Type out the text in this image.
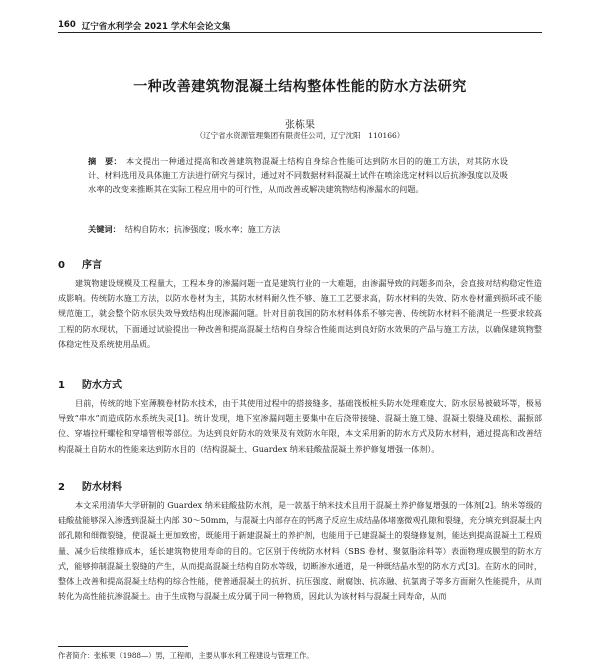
160 辽宁省水利学会 2021 学术年会论文集
一种改善建筑物混凝土结构整体性能的防水方法研究
张栋果
（辽宁省水资源管理集团有限责任公司，辽宁沈阳　110166）
摘　要： 本文提出一种通过提高和改善建筑物混凝土结构自身综合性能可达到防水目的的施工方法，对其防水设计、材料选用及具体施工方法进行研究与探讨，通过对不同数据材料混凝土试件在喷涂选定材料以后抗渗强度以及吸水率的改变来推断其在实际工程应用中的可行性，从而改善或解决建筑物结构渗漏水的问题。
关键词： 结构自防水；抗渗强度；吸水率；施工方法
0 序言
建筑物建设规模及工程量大，工程本身的渗漏问题一直是建筑行业的一大难题，由渗漏导致的问题多而杂，会直接对结构稳定性造成影响。传统防水施工方法，以防水卷材为主，其防水材料耐久性不够、施工工艺要求高，防水材料的失效、防水卷材灌到损坏或不能规范施工，就会整个防水层失效导致结构出现渗漏问题。针对目前我国的防水材料体系不够完善、传统防水材料不能满足一些要求较高工程的防水现状，下面通过试验提出一种改善和提高混凝土结构自身综合性能而达到良好防水效果的产品与施工方法，以确保建筑物整体稳定性及系统使用品质。
1 防水方式
目前，传统的地下室薄膜卷材防水技术，由于其使用过程中的搭接缝多、基础筏板桩头防水处理难度大、防水层易被破坏等，极易导致“串水”而造成防水系统失灵[1]。统计发现，地下室渗漏问题主要集中在后浇带接缝、混凝土施工缝、混凝土裂缝及疏松、漏振部位、穿墙拉杆螺栓和穿墙管根等部位。为达到良好防水的效果及有效防水年限，本文采用新的防水方式及防水材料，通过提高和改善结构混凝土自防水的性能来达到防水目的（结构混凝土、Guardex 纳米硅酸盐混凝土养护修复增强一体剂）。
2 防水材料
本文采用清华大学研制的 Guardex 纳米硅酸盐防水剂，是一款基于纳米技术且用于混凝土养护修复增强的一体剂[2]。纳米等级的硅酸盐能够深入渗透到混凝土内部 30～50mm，与混凝土内部存在的钙离子反应生成结晶体堵塞微观孔隙和裂缝，充分填充到混凝土内部孔隙和细微裂缝，使混凝土更加致密，既能用于新建混凝土的养护剂，也能用于已建混凝土的裂缝修复剂，能达到提高混凝土工程质量、减少后续维修成本，延长建筑物使用寿命的目的。它区别于传统防水材料（SBS 卷材、聚氨脂涂料等）表面物理成膜型的防水方式，能够抑制混凝土裂缝的产生，从而提高混凝土结构自防水等级，切断渗水通道，是一种既结晶水型的防水方式[3]。在防水的同时，整体上改善和提高混凝土结构的综合性能，使普通混凝土的抗折、抗压强度、耐腐蚀、抗冻融、抗氯离子等多方面耐久性能提升，从而转化为高性能抗渗混凝土。由于生成物与混凝土成分属于同一种物质，因此认为该材料与混凝土同寿命，从而
作者简介：张栋果（1988—）男，工程师，主要从事水利工程建设与管理工作。
